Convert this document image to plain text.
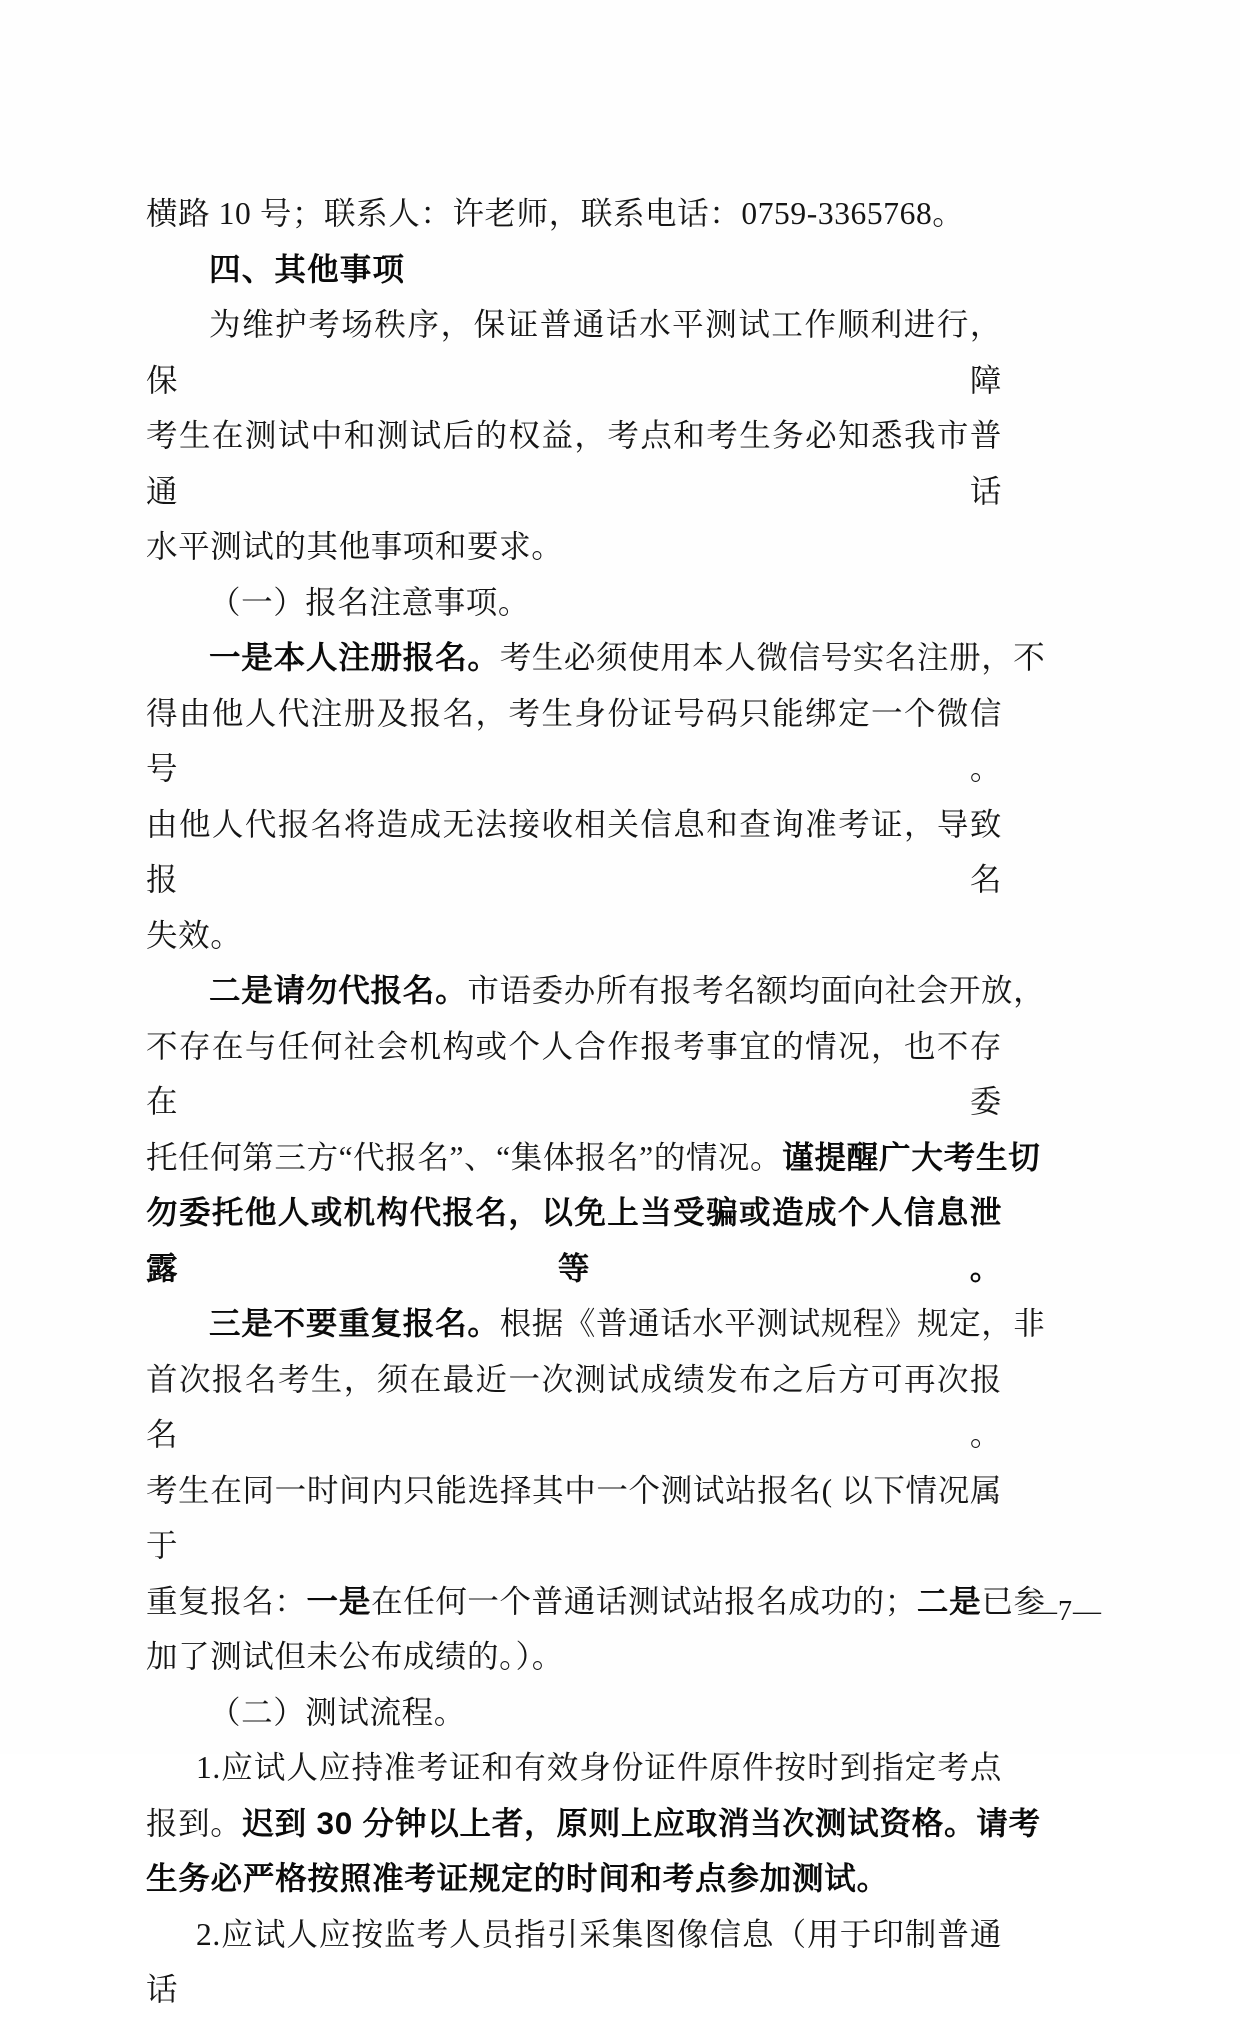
横路 10 号；联系人：许老师，联系电话：0759-3365768。

四、其他事项

为维护考场秩序，保证普通话水平测试工作顺利进行，保障

考生在测试中和测试后的权益，考点和考生务必知悉我市普通话

水平测试的其他事项和要求。

（一）报名注意事项。

一是本人注册报名。考生必须使用本人微信号实名注册，不

得由他人代注册及报名，考生身份证号码只能绑定一个微信号。

由他人代报名将造成无法接收相关信息和查询准考证，导致报名

失效。

二是请勿代报名。市语委办所有报考名额均面向社会开放，

不存在与任何社会机构或个人合作报考事宜的情况，也不存在委

托任何第三方“代报名”、“集体报名”的情况。谨提醒广大考生切

勿委托他人或机构代报名，以免上当受骗或造成个人信息泄露等。

三是不要重复报名。根据《普通话水平测试规程》规定，非

首次报名考生，须在最近一次测试成绩发布之后方可再次报名。

考生在同一时间内只能选择其中一个测试站报名( 以下情况属于

重复报名：一是在任何一个普通话测试站报名成功的；二是已参

加了测试但未公布成绩的。）。

（二）测试流程。

1.应试人应持准考证和有效身份证件原件按时到指定考点

报到。迟到 30 分钟以上者，原则上应取消当次测试资格。请考

生务必严格按照准考证规定的时间和考点参加测试。

2.应试人应按监考人员指引采集图像信息（用于印制普通话

—7—
